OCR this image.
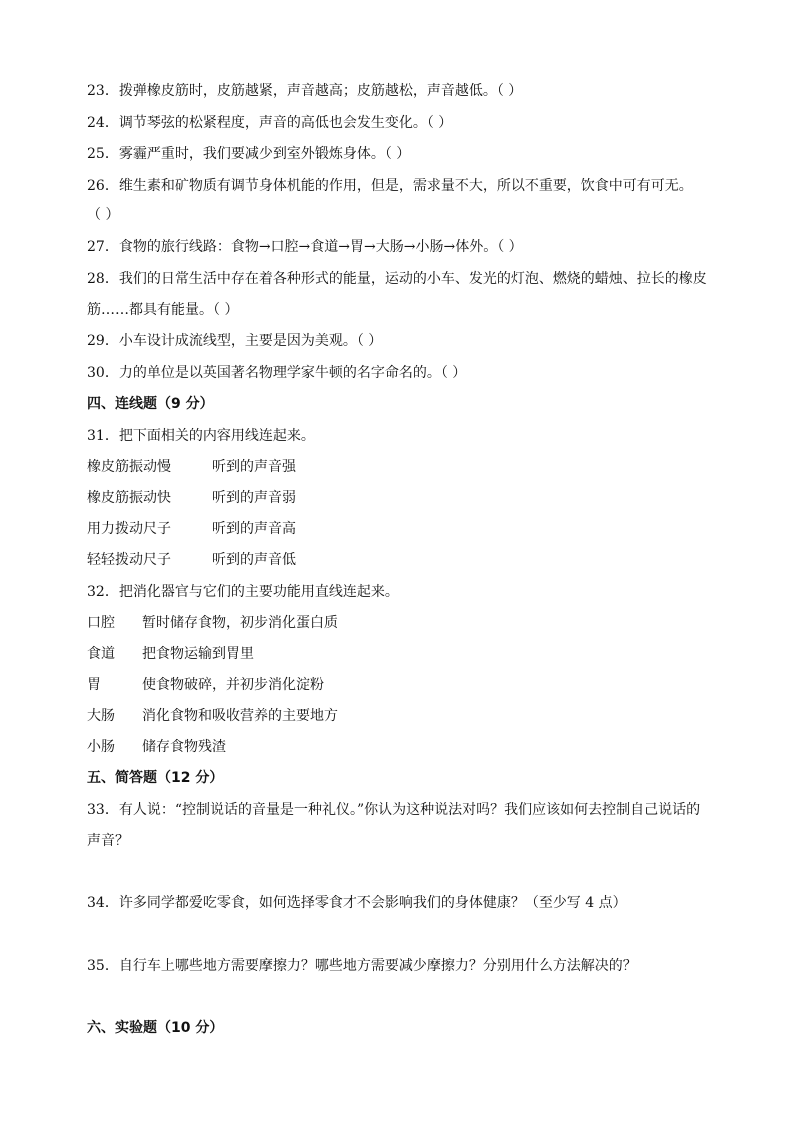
23．拨弹橡皮筋时，皮筋越紧，声音越高；皮筋越松，声音越低。（ ）
24．调节琴弦的松紧程度，声音的高低也会发生变化。（ ）
25．雾霾严重时，我们要减少到室外锻炼身体。（ ）
26．维生素和矿物质有调节身体机能的作用，但是，需求量不大，所以不重要，饮食中可有可无。
（ ）
27．食物的旅行线路：食物→口腔→食道→胃→大肠→小肠→体外。（ ）
28．我们的日常生活中存在着各种形式的能量，运动的小车、发光的灯泡、燃烧的蜡烛、拉长的橡皮
筋……都具有能量。（ ）
29．小车设计成流线型，主要是因为美观。（ ）
30．力的单位是以英国著名物理学家牛顿的名字命名的。（ ）
四、连线题（9 分）
31．把下面相关的内容用线连起来。
橡皮筋振动慢	听到的声音强
橡皮筋振动快	听到的声音弱
用力拨动尺子	听到的声音高
轻轻拨动尺子	听到的声音低
32．把消化器官与它们的主要功能用直线连起来。
口腔 暂时储存食物，初步消化蛋白质
食道 把食物运输到胃里
胃	使食物破碎，并初步消化淀粉
大肠 消化食物和吸收营养的主要地方
小肠 储存食物残渣
五、简答题（12 分）
33．有人说：“控制说话的音量是一种礼仪。”你认为这种说法对吗？我们应该如何去控制自己说话的
声音？
34．许多同学都爱吃零食，如何选择零食才不会影响我们的身体健康？（至少写 4 点）
35．自行车上哪些地方需要摩擦力？哪些地方需要减少摩擦力？分别用什么方法解决的？
六、实验题（10 分）
